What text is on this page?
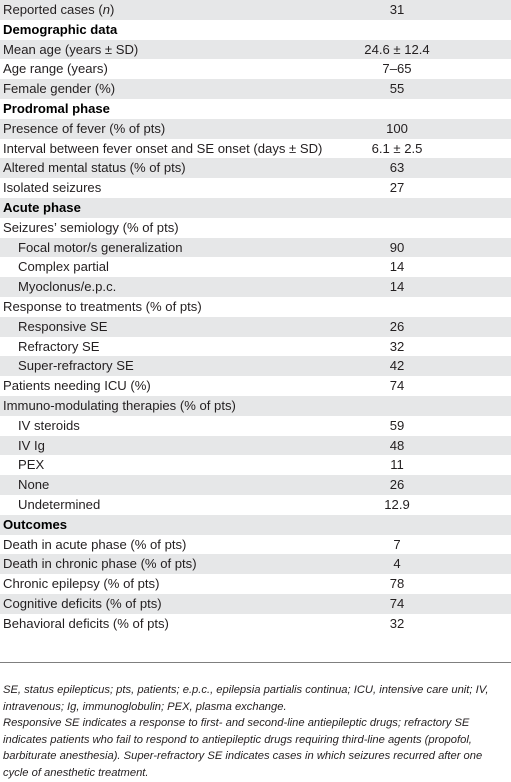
Reported cases (n)	31
Demographic data
Mean age (years ± SD)	24.6 ± 12.4
Age range (years)	7–65
Female gender (%)	55
Prodromal phase
Presence of fever (% of pts)	100
Interval between fever onset and SE onset (days ± SD)	6.1 ± 2.5
Altered mental status (% of pts)	63
Isolated seizures	27
Acute phase
Seizures’ semiology (% of pts)
Focal motor/s generalization	90
Complex partial	14
Myoclonus/e.p.c.	14
Response to treatments (% of pts)
Responsive SE	26
Refractory SE	32
Super-refractory SE	42
Patients needing ICU (%)	74
Immuno-modulating therapies (% of pts)
IV steroids	59
IV Ig	48
PEX	11
None	26
Undetermined	12.9
Outcomes
Death in acute phase (% of pts)	7
Death in chronic phase (% of pts)	4
Chronic epilepsy (% of pts)	78
Cognitive deficits (% of pts)	74
Behavioral deficits (% of pts)	32

SE, status epilepticus; pts, patients; e.p.c., epilepsia partialis continua; ICU, intensive care unit; IV, intravenous; Ig, immunoglobulin; PEX, plasma exchange.

Responsive SE indicates a response to first- and second-line antiepileptic drugs; refractory SE indicates patients who fail to respond to antiepileptic drugs requiring third-line agents (propofol, barbiturate anesthesia). Super-refractory SE indicates cases in which seizures recurred after one cycle of anesthetic treatment.
